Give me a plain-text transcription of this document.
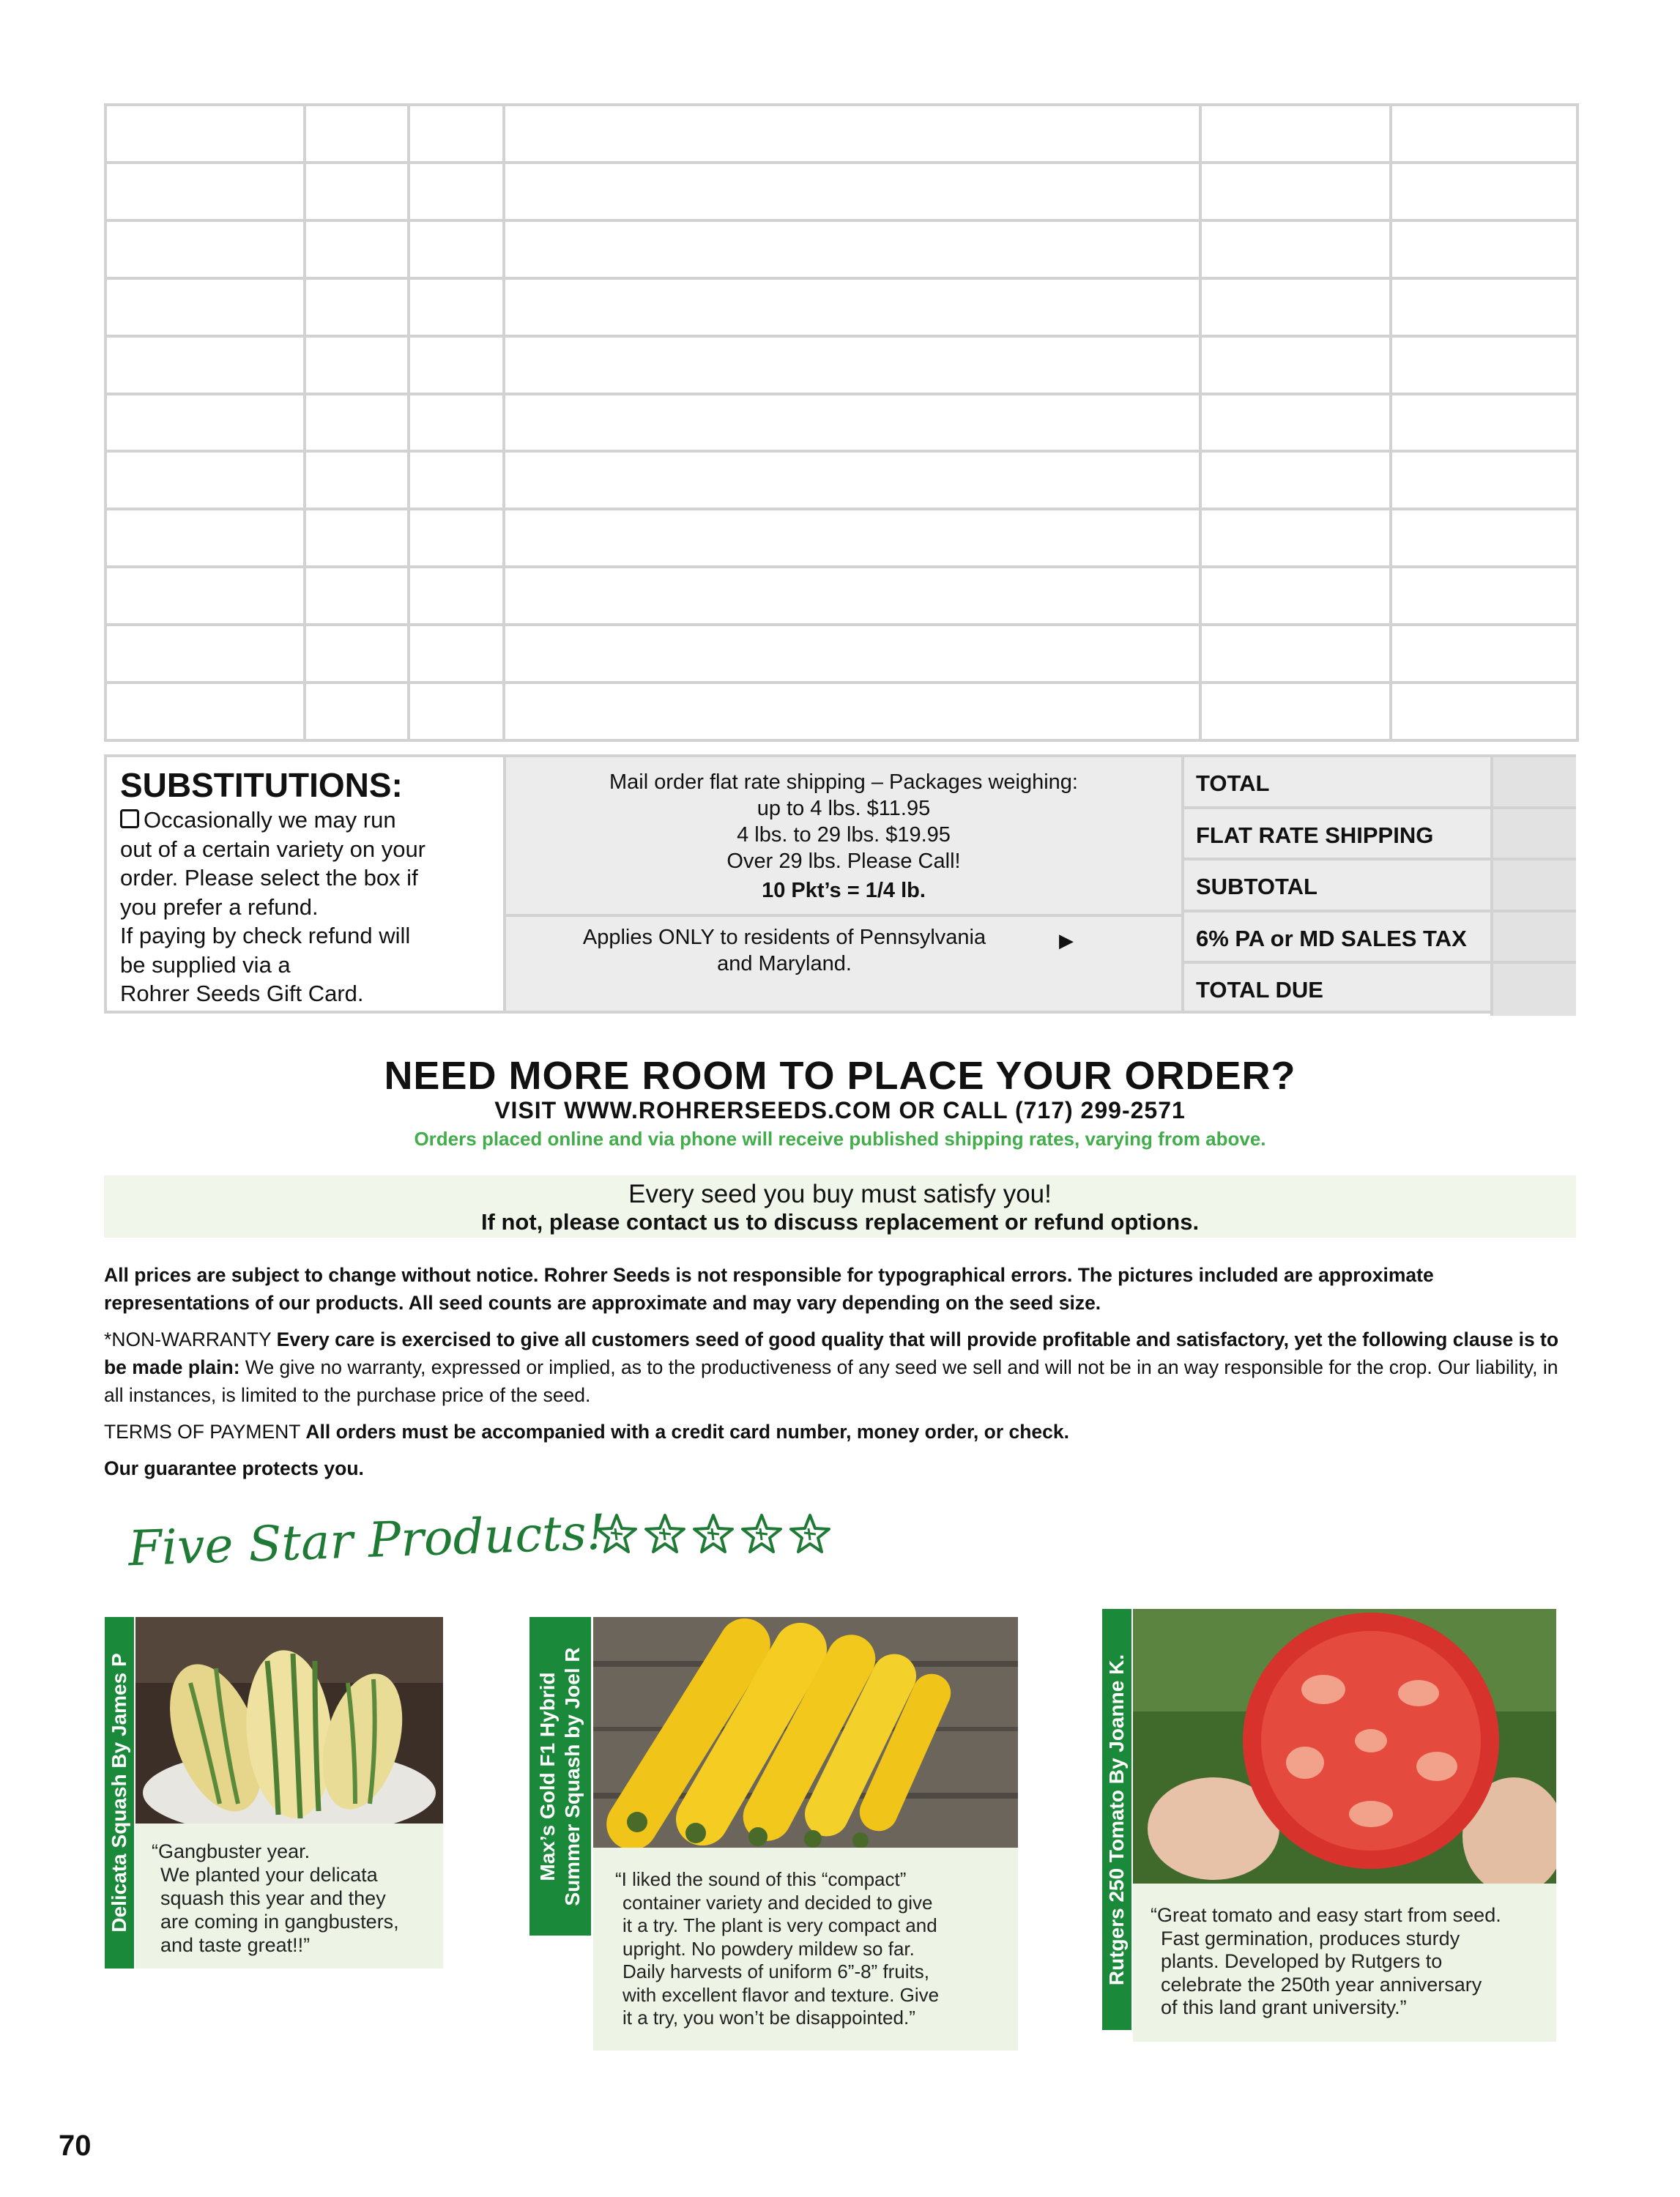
SUBSTITUTIONS:
Occasionally we may run
out of a certain variety on your
order. Please select the box if
you prefer a refund.
If paying by check refund will
be supplied via a
Rohrer Seeds Gift Card.
Mail order flat rate shipping – Packages weighing:
up to 4 lbs. $11.95
4 lbs. to 29 lbs. $19.95
Over 29 lbs. Please Call!
10 Pkt’s = 1/4 lb.
Applies ONLY to residents of Pennsylvania
and Maryland.
▶
TOTAL
FLAT RATE SHIPPING
SUBTOTAL
6% PA or MD SALES TAX
TOTAL DUE
NEED MORE ROOM TO PLACE YOUR ORDER?
VISIT WWW.ROHRERSEEDS.COM OR CALL (717) 299-2571
Orders placed online and via phone will receive published shipping rates, varying from above.
Every seed you buy must satisfy you!
If not, please contact us to discuss replacement or refund options.

All prices are subject to change without notice. Rohrer Seeds is not responsible for typographical errors. The pictures included are approximate representations of our products. All seed counts are approximate and may vary depending on the seed size.

*NON-WARRANTY Every care is exercised to give all customers seed of good quality that will provide profitable and satisfactory, yet the following clause is to be made plain: We give no warranty, expressed or implied, as to the productiveness of any seed we sell and will not be in an way responsible for the crop. Our liability, in all instances, is limited to the purchase price of the seed.

TERMS OF PAYMENT All orders must be accompanied with a credit card number, money order, or check.

Our guarantee protects you.

Five Star Products!
Delicata Squash By James P “Gangbuster year.
We planted your delicata
squash this year and they
are coming in gangbusters,
and taste great!!”
Max’s Gold F1 Hybrid Summer Squash by Joel R “I liked the sound of this “compact”
container variety and decided to give
it a try. The plant is very compact and
upright. No powdery mildew so far.
Daily harvests of uniform 6”-8” fruits,
with excellent flavor and texture. Give
it a try, you won’t be disappointed.”
Rutgers 250 Tomato By Joanne K. “Great tomato and easy start from seed.
Fast germination, produces sturdy
plants. Developed by Rutgers to
celebrate the 250th year anniversary
of this land grant university.”
70
